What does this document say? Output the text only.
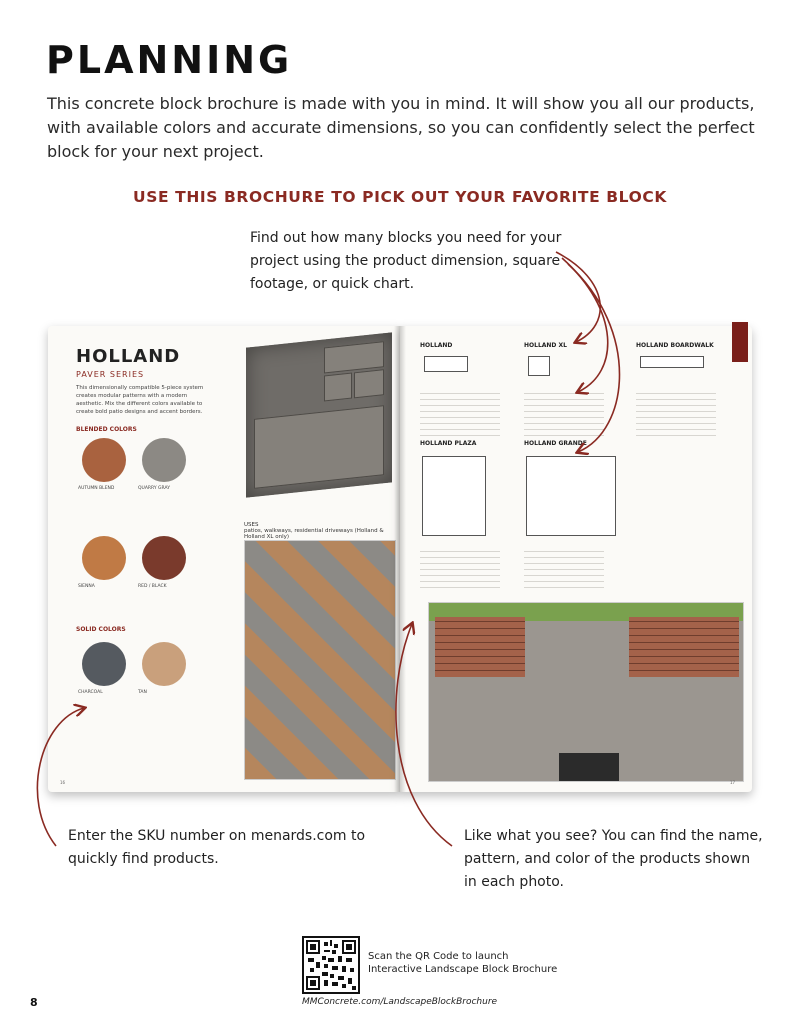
PLANNING
This concrete block brochure is made with you in mind. It will show you all our products, with available colors and accurate dimensions, so you can confidently select the perfect block for your next project.
USE THIS BROCHURE TO PICK OUT YOUR FAVORITE BLOCK
Find out how many blocks you need for your project using the product dimension, square footage, or quick chart.
HOLLAND
PAVER SERIES
This dimensionally compatible 5-piece system creates modular patterns with a modern aesthetic. Mix the different colors available to create bold patio designs and accent borders.
BLENDED COLORS
AUTUMN BLEND	QUARRY GRAY
SIENNA	RED / BLACK
SOLID COLORS
CHARCOAL	TAN
USES
patios, walkways, residential driveways (Holland & Holland XL only)
16
HOLLAND	HOLLAND XL	HOLLAND BOARDWALK
HOLLAND PLAZA	HOLLAND GRANDE
17
Enter the SKU number on menards.com to quickly find products.
Like what you see? You can find the name, pattern, and color of the products shown in each photo.
Scan the QR Code to launch
Interactive Landscape Block Brochure
8	MMConcrete.com/LandscapeBlockBrochure
